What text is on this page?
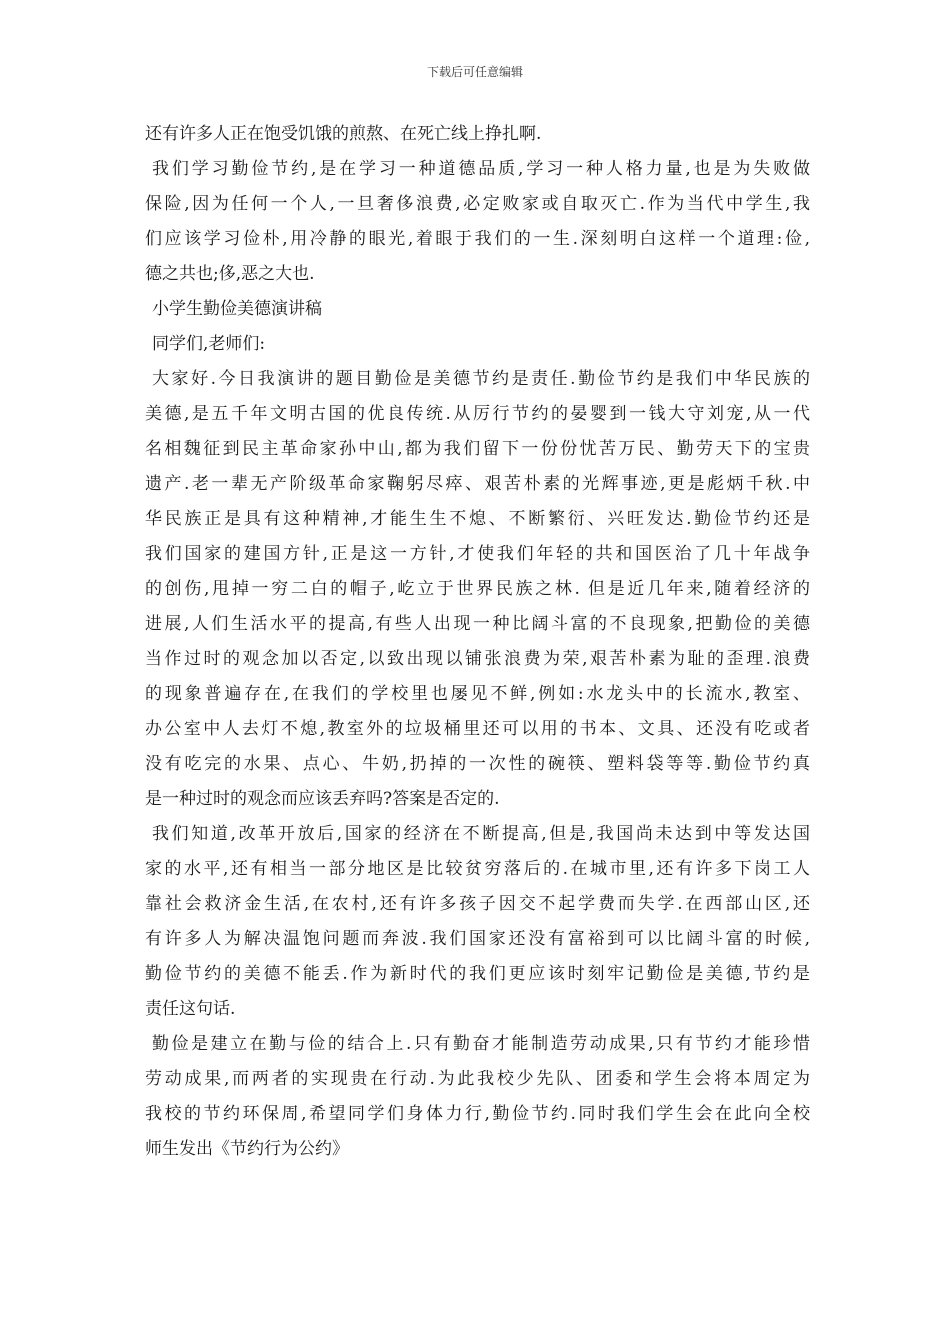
下载后可任意编辑
还有许多人正在饱受饥饿的煎熬、在死亡线上挣扎啊.
我们学习勤俭节约,是在学习一种道德品质,学习一种人格力量,也是为失败做
保险,因为任何一个人,一旦奢侈浪费,必定败家或自取灭亡.作为当代中学生,我
们应该学习俭朴,用冷静的眼光,着眼于我们的一生.深刻明白这样一个道理:俭,
德之共也;侈,恶之大也.
小学生勤俭美德演讲稿
同学们,老师们:
大家好.今日我演讲的题目勤俭是美德节约是责任.勤俭节约是我们中华民族的
美德,是五千年文明古国的优良传统.从厉行节约的晏婴到一钱大守刘宠,从一代
名相魏征到民主革命家孙中山,都为我们留下一份份忧苦万民、勤劳天下的宝贵
遗产.老一辈无产阶级革命家鞠躬尽瘁、艰苦朴素的光辉事迹,更是彪炳千秋.中
华民族正是具有这种精神,才能生生不熄、不断繁衍、兴旺发达.勤俭节约还是
我们国家的建国方针,正是这一方针,才使我们年轻的共和国医治了几十年战争
的创伤,甩掉一穷二白的帽子,屹立于世界民族之林. 但是近几年来,随着经济的
进展,人们生活水平的提高,有些人出现一种比阔斗富的不良现象,把勤俭的美德
当作过时的观念加以否定,以致出现以铺张浪费为荣,艰苦朴素为耻的歪理.浪费
的现象普遍存在,在我们的学校里也屡见不鲜,例如:水龙头中的长流水,教室、
办公室中人去灯不熄,教室外的垃圾桶里还可以用的书本、文具、还没有吃或者
没有吃完的水果、点心、牛奶,扔掉的一次性的碗筷、塑料袋等等.勤俭节约真
是一种过时的观念而应该丢弃吗?答案是否定的.
我们知道,改革开放后,国家的经济在不断提高,但是,我国尚未达到中等发达国
家的水平,还有相当一部分地区是比较贫穷落后的.在城市里,还有许多下岗工人
靠社会救济金生活,在农村,还有许多孩子因交不起学费而失学.在西部山区,还
有许多人为解决温饱问题而奔波.我们国家还没有富裕到可以比阔斗富的时候,
勤俭节约的美德不能丢.作为新时代的我们更应该时刻牢记勤俭是美德,节约是
责任这句话.
勤俭是建立在勤与俭的结合上.只有勤奋才能制造劳动成果,只有节约才能珍惜
劳动成果,而两者的实现贵在行动.为此我校少先队、团委和学生会将本周定为
我校的节约环保周,希望同学们身体力行,勤俭节约.同时我们学生会在此向全校
师生发出《节约行为公约》
